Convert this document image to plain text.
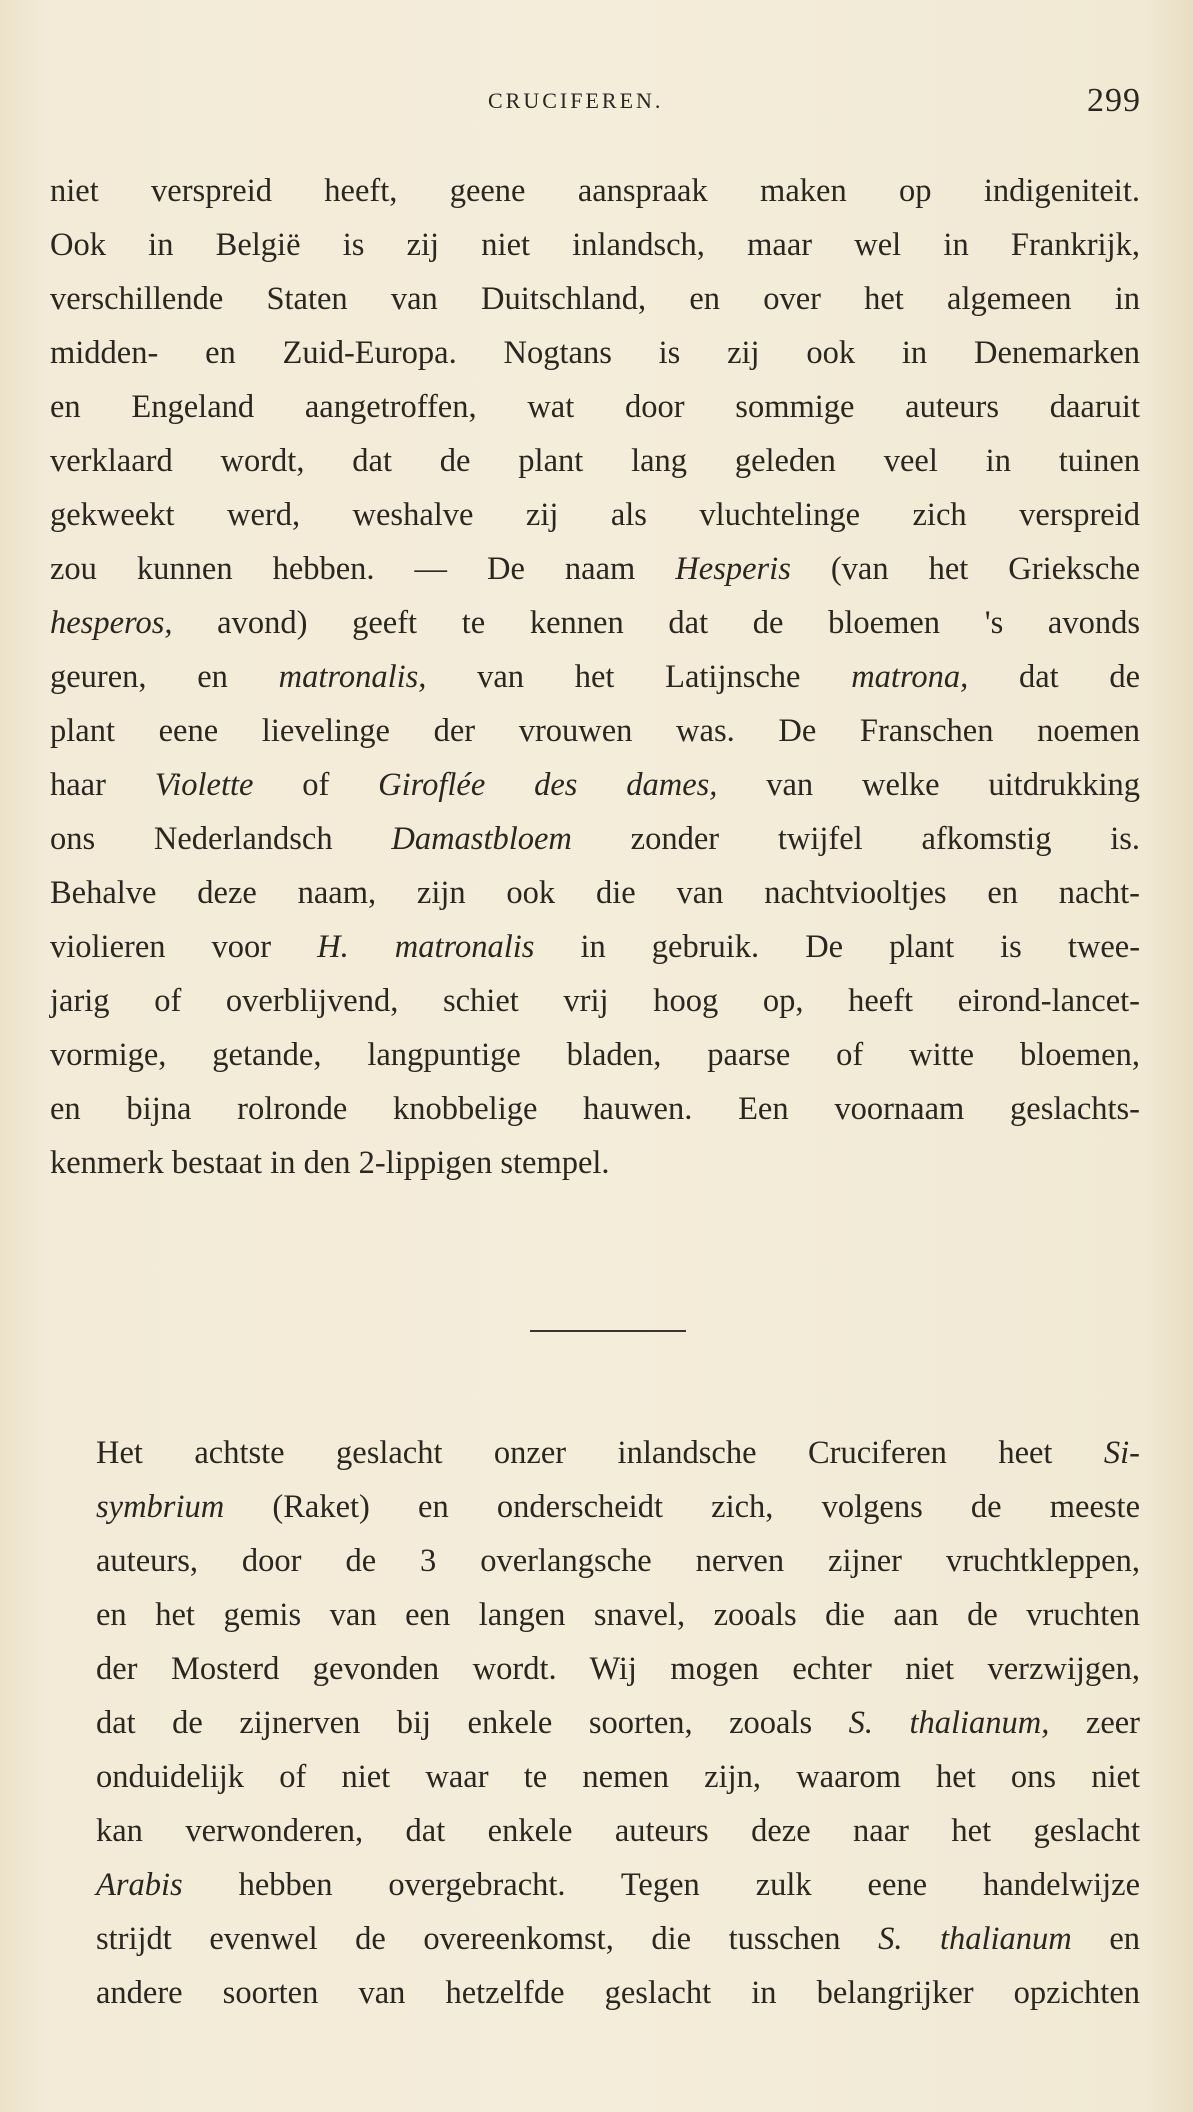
CRUCIFEREN.	299
niet verspreid heeft, geene aanspraak maken op indigeniteit.
Ook in België is zij niet inlandsch, maar wel in Frankrijk,
verschillende Staten van Duitschland, en over het algemeen in
midden- en Zuid-Europa. Nogtans is zij ook in Denemarken
en Engeland aangetroffen, wat door sommige auteurs daaruit
verklaard wordt, dat de plant lang geleden veel in tuinen
gekweekt werd, weshalve zij als vluchtelinge zich verspreid
zou kunnen hebben. — De naam Hesperis (van het Grieksche
hesperos, avond) geeft te kennen dat de bloemen 's avonds
geuren, en matronalis, van het Latijnsche matrona, dat de
plant eene lievelinge der vrouwen was. De Franschen noemen
haar Violette of Giroflée des dames, van welke uitdrukking
ons Nederlandsch Damastbloem zonder twijfel afkomstig is.
Behalve deze naam, zijn ook die van nachtviooltjes en nacht-
violieren voor H. matronalis in gebruik. De plant is twee-
jarig of overblijvend, schiet vrij hoog op, heeft eirond-lancet-
vormige, getande, langpuntige bladen, paarse of witte bloemen,
en bijna rolronde knobbelige hauwen. Een voornaam geslachts-
kenmerk bestaat in den 2-lippigen stempel.
Het achtste geslacht onzer inlandsche Cruciferen heet Si-
symbrium (Raket) en onderscheidt zich, volgens de meeste
auteurs, door de 3 overlangsche nerven zijner vruchtkleppen,
en het gemis van een langen snavel, zooals die aan de vruchten
der Mosterd gevonden wordt. Wij mogen echter niet verzwijgen,
dat de zijnerven bij enkele soorten, zooals S. thalianum, zeer
onduidelijk of niet waar te nemen zijn, waarom het ons niet
kan verwonderen, dat enkele auteurs deze naar het geslacht
Arabis hebben overgebracht. Tegen zulk eene handelwijze
strijdt evenwel de overeenkomst, die tusschen S. thalianum en
andere soorten van hetzelfde geslacht in belangrijker opzichten
